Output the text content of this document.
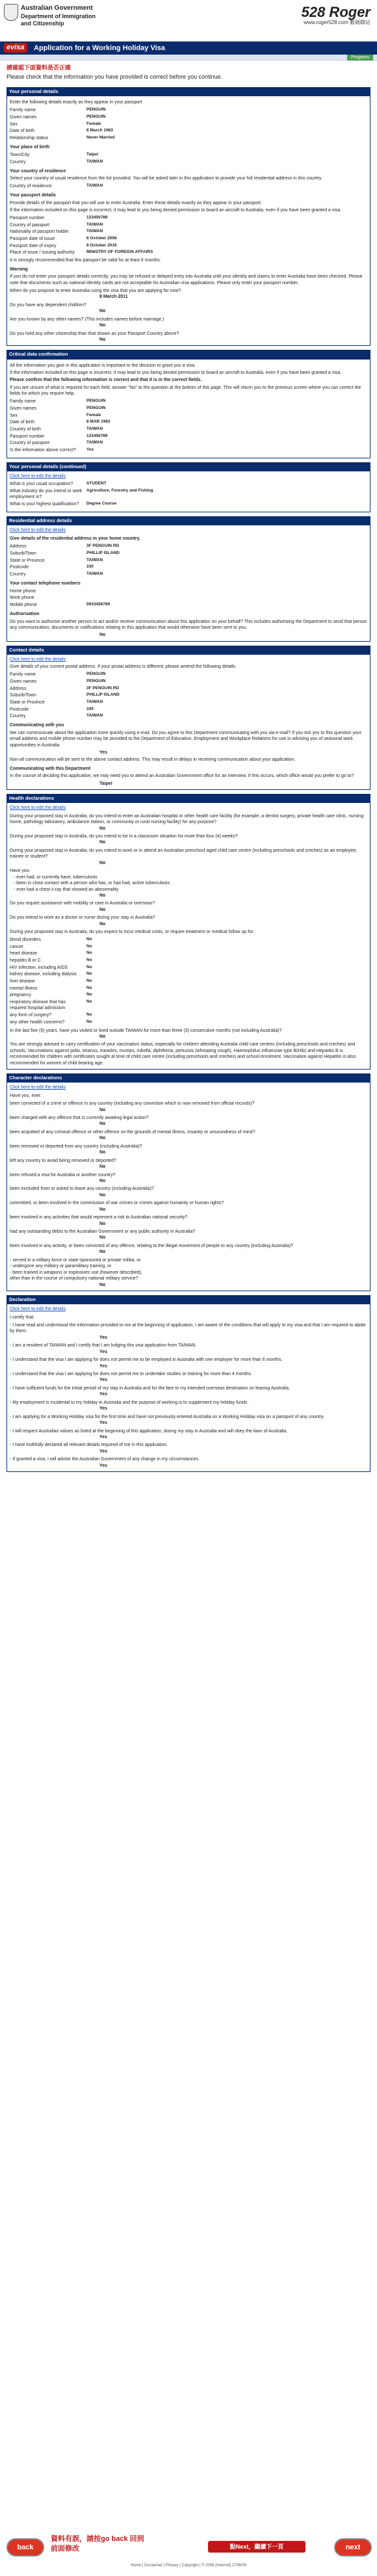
Australian Government
Department of Immigration
and Citizenship
528 Roger
www.roger528.com 數碼驛站
evisa	Application for a Working Holiday Visa
Progress
請確認下面資料是否正確
Please check that the information you have provided is correct before you continue.
Your personal details
Enter the following details exactly as they appear in your passport
Family name	PENGUIN
Given names	PENGUIN
Sex	Female
Date of birth	8 March 1983
Relationship status	Never Married
Your place of birth
Town/City	Taipei
Country	TAIWAN
Your country of residence
Select your country of usual residence from the list provided. You will be asked later in this application to provide your full residential address in this country.
Country of residence	TAIWAN
Your passport details
Provide details of the passport that you will use to enter Australia. Enter these details exactly as they appear in your passport.
If the information included on this page is incorrect, it may lead to you being denied permission to board an aircraft to Australia, even if you have been granted a visa.
Passport number	123456789
Country of passport	TAIWAN
Nationality of passport holder	TAIWAN
Passport date of issue	8 October 2006
Passport date of expiry	8 October 2016
Place of issue / issuing authority	MINISTRY OF FOREIGN AFFAIRS
It is strongly recommended that this passport be valid for at least 6 months.
Warning
If you do not enter your passport details correctly, you may be refused or delayed entry into Australia until your identity and claims to enter Australia have been checked. Please note that documents such as national identity cards are not acceptable for Australian visa applications. Please only enter your passport number.
When do you propose to enter Australia using the visa that you are applying for now?
8 March 2011
Do you have any dependent children?
No
Are you known by any other names? (This includes names before marriage.)
No
Do you hold any other citizenship than that shown as your Passport Country above?
No
Critical data confirmation
All the information you give in this application is important to the decision to grant you a visa.
If the information included on this page is incorrect, it may lead to you being denied permission to board an aircraft to Australia, even if you have been granted a visa.
Please confirm that the following information is correct and that it is in the correct fields.
If you are unsure of what is required for each field, answer "No" to the question at the bottom of this page. This will return you to the previous screen where you can correct the fields for which you require help.
Family name	PENGUIN
Given names	PENGUIN
Sex	Female
Date of birth	8 MAR 1983
Country of birth	TAIWAN
Passport number	123456789
Country of passport	TAIWAN
Is the information above correct?	Yes
Your personal details (continued)
Click here to edit the details
What is your usual occupation?	STUDENT
What industry do you intend to seek employment in?	Agriculture, Forestry and Fishing
What is your highest qualification?	Degree Course
Residential address details
Click here to edit the details
Give details of the residential address in your home country.
Address	3F PENGUIN RD
Suburb/Town	PHILLIP ISLAND
State or Province	TAIWAN
Postcode	330
Country	TAIWAN
Your contact telephone numbers
Home phone	
Work phone	
Mobile phone	0933456789
Authorisation
Do you want to authorise another person to act and/or receive communication about this application on your behalf? This includes authorising the Department to send that person any communication, documents or notifications relating to this application that would otherwise have been sent to you.
No
Contact details
Click here to edit the details
Give details of your current postal address. If your postal address is different, please amend the following details.
Family name	PENGUIN
Given names	PENGUIN
Address	3F PENGUIN RD
Suburb/Town	PHILLIP ISLAND
State or Province	TAIWAN
Postcode	330
Country	TAIWAN
Communicating with you
We can communicate about the application more quickly using e-mail. Do you agree to this Department communicating with you via e-mail? If you tick yes to this question your email address and mobile phone number may be provided to the Department of Education, Employment and Workplace Relations for use in advising you of seasonal work opportunities in Australia.
Yes
Non-all communication will be sent to the above contact address. This may result in delays in receiving communication about your application.
Communicating with this Department
In the course of deciding this application, we may need you to attend an Australian Government office for an interview. If this occurs, which office would you prefer to go to?
Taipei
Health declarations
Click here to edit the details
During your proposed stay in Australia, do you intend to enter an Australian hospital or other health care facility (for example, a dentist surgery, private health care clinic, nursing home, pathology laboratory, ambulance station, or community or rural nursing facility) for any purpose?
No
During your proposed stay in Australia, do you intend to be in a classroom situation for more than four (4) weeks?
No
During your proposed stay in Australia, do you intend to work or in attend an Australian preschool aged child care centre (including preschools and creches) as an employee, trainee or student?
No
Have you:
- ever had, or currently have, tuberculosis
- been in close contact with a person who has, or has had, active tuberculosis
- ever had a chest x-ray that showed an abnormality
No
Do you require assistance with mobility or care in Australia or overseas?
No
Do you intend to work as a doctor or nurse during your stay in Australia?
No
During your proposed stay in Australia, do you expect to incur medical costs, or require treatment or medical follow up for:
blood disorders	No
cancer	No
heart disease	No
hepatitis B or C	No
HIV infection, including AIDS	No
kidney disease, including dialysis	No
liver disease	No
mental illness	No
pregnancy	No
respiratory disease that has required hospital admission	No
any form of surgery?	No
any other health concerns?	No
In the last five (5) years, have you visited or lived outside TAIWAN for more than three (3) consecutive months (not including Australia)?
No
You are strongly advised to carry certification of your vaccination status, especially for children attending Australia child care centres (including preschools and creches) and schools. Vaccinations against polio, tetanus, measles, mumps, rubella, diphtheria, pertussis (whooping cough), Haemophilus influenzae type B(Hib) and Hepatitis B is recommended for children with certificates sought at time of child care centre (including preschools and creches) and school enrolment. Vaccination against Hepatitis is also recommended for women of child bearing age.
Character declarations
Click here to edit the details
Have you, ever:
been convicted of a crime or offence in any country (including any conviction which is now removed from official records)?
No
been charged with any offence that is currently awaiting legal action?
No
been acquitted of any criminal offence or other offence on the grounds of mental illness, insanity or unsoundness of mind?
No
been removed or deported from any country (including Australia)?
No
left any country to avoid being removed or deported?
No
been refused a visa for Australia or another country?
No
been excluded from or asked to leave any country (including Australia)?
No
committed, or been involved in the commission of war crimes or crimes against humanity or human rights?
No
been involved in any activities that would represent a risk to Australian national security?
No
had any outstanding debts to the Australian Government or any public authority in Australia?
No
been involved in any activity, or been convicted of any offence, relating to the illegal movement of people to any country (including Australia)?
No
- served in a military force or state-sponsored or private militia, or
- undergone any military or paramilitary training, or
- been trained in weapons or explosives use (however described),
other than in the course of compulsory national military service?
No
Declaration
Click here to edit the details
I certify that:
- I have read and understood the information provided to me at the beginning of application, I am aware of the conditions that will apply to my visa and that I am required to abide by them.
Yes
- I am a resident of TAIWAN and I certify that I am lodging this visa application from TAIWAN.
Yes
- I understand that the visa I am applying for does not permit me to be employed in Australia with one employer for more than 6 months.
Yes
- I understand that the visa I am applying for does not permit me to undertake studies or training for more than 4 months.
Yes
- I have sufficient funds for the initial period of my stay in Australia and for the fare to my intended overseas destination on leaving Australia.
Yes
- My employment is incidental to my holiday in Australia and the purpose of working is to supplement my holiday funds.
Yes
- I am applying for a Working Holiday visa for the first time and have not previously entered Australia on a Working Holiday visa on a passport of any country.
Yes
- I will respect Australian values as listed at the beginning of this application, during my stay in Australia and will obey the laws of Australia.
Yes
- I have truthfully declared all relevant details required of me in this application.
Yes
- If granted a visa, I will advise the Australian Government of any change in my circumstances.
Yes
back
資料有誤，請按go back 回到前面修改	點Next，繼續下一頁	next
Home | Disclaimer | Privacy | Copyright | © 2008 (Internet) 2708/09
